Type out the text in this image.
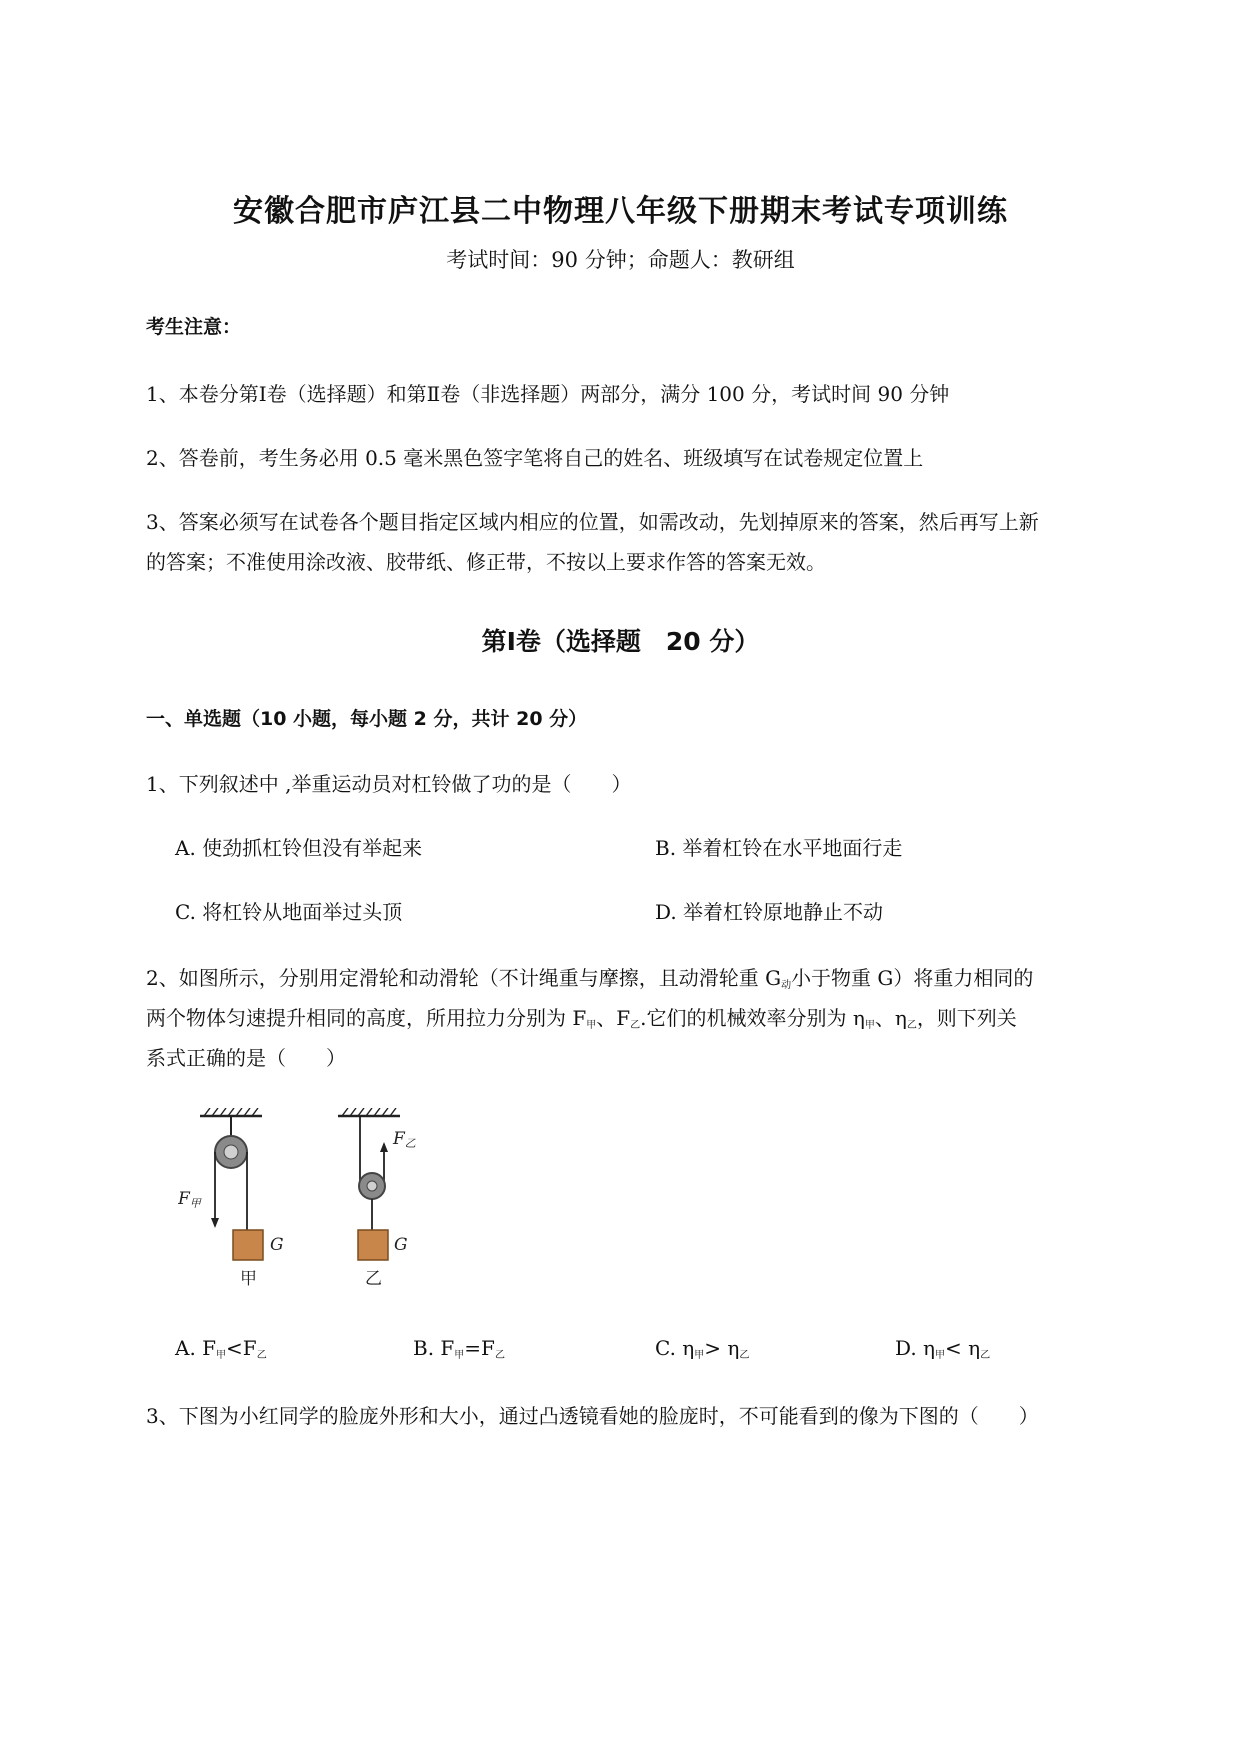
安徽合肥市庐江县二中物理八年级下册期末考试专项训练
考试时间：90 分钟；命题人：教研组
考生注意：
1、本卷分第Ⅰ卷（选择题）和第Ⅱ卷（非选择题）两部分，满分 100 分，考试时间 90 分钟
2、答卷前，考生务必用 0.5 毫米黑色签字笔将自己的姓名、班级填写在试卷规定位置上
3、答案必须写在试卷各个题目指定区域内相应的位置，如需改动，先划掉原来的答案，然后再写上新
的答案；不准使用涂改液、胶带纸、修正带，不按以上要求作答的答案无效。
第Ⅰ卷（选择题　20 分）
一、单选题（10 小题，每小题 2 分，共计 20 分）
1、下列叙述中 ,举重运动员对杠铃做了功的是（　　）
A. 使劲抓杠铃但没有举起来	B. 举着杠铃在水平地面行走
C. 将杠铃从地面举过头顶	D. 举着杠铃原地静止不动
2、如图所示，分别用定滑轮和动滑轮（不计绳重与摩擦，且动滑轮重 $G_动$小于物重 G）将重力相同的
两个物体匀速提升相同的高度，所用拉力分别为 $F_甲$、$F_乙$.它们的机械效率分别为 $\eta_甲$、$\eta_乙$，则下列关
系式正确的是（　　）
F甲
G
甲
F乙
G
乙
A. $F_甲<F_乙$	B. $F_甲=F_乙$	C. $\eta_甲> \eta_乙$	D. $\eta_甲< \eta_乙$
3、下图为小红同学的脸庞外形和大小，通过凸透镜看她的脸庞时，不可能看到的像为下图的（　　）
